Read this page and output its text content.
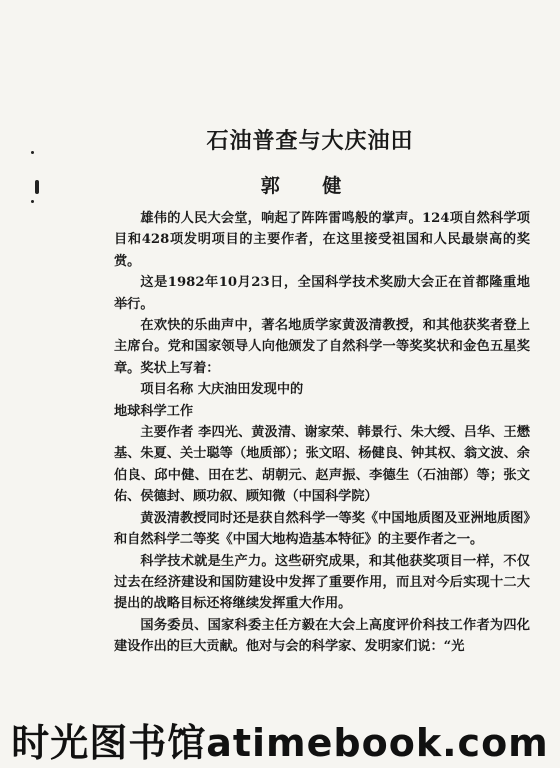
石油普查与大庆油田
郭 健

雄伟的人民大会堂，响起了阵阵雷鸣般的掌声。124项自然科学项目和428项发明项目的主要作者，在这里接受祖国和人民最崇高的奖赏。

这是1982年10月23日，全国科学技术奖励大会正在首都隆重地举行。

在欢快的乐曲声中，著名地质学家黄汲清教授，和其他获奖者登上主席台。党和国家领导人向他颁发了自然科学一等奖奖状和金色五星奖章。奖状上写着：

项目名称 大庆油田发现中的

地球科学工作

主要作者 李四光、黄汲清、谢家荣、韩景行、朱大绶、吕华、王懋基、朱夏、关士聪等（地质部）；张文昭、杨健良、钟其权、翁文波、余伯良、邱中健、田在艺、胡朝元、赵声振、李德生（石油部）等；张文佑、侯德封、顾功叙、顾知微（中国科学院）

黄汲清教授同时还是获自然科学一等奖《中国地质图及亚洲地质图》和自然科学二等奖《中国大地构造基本特征》的主要作者之一。

科学技术就是生产力。这些研究成果，和其他获奖项目一样，不仅过去在经济建设和国防建设中发挥了重要作用，而且对今后实现十二大提出的战略目标还将继续发挥重大作用。

国务委员、国家科委主任方毅在大会上高度评价科技工作者为四化建设作出的巨大贡献。他对与会的科学家、发明家们说：“光

时光图书馆atimebook.com
